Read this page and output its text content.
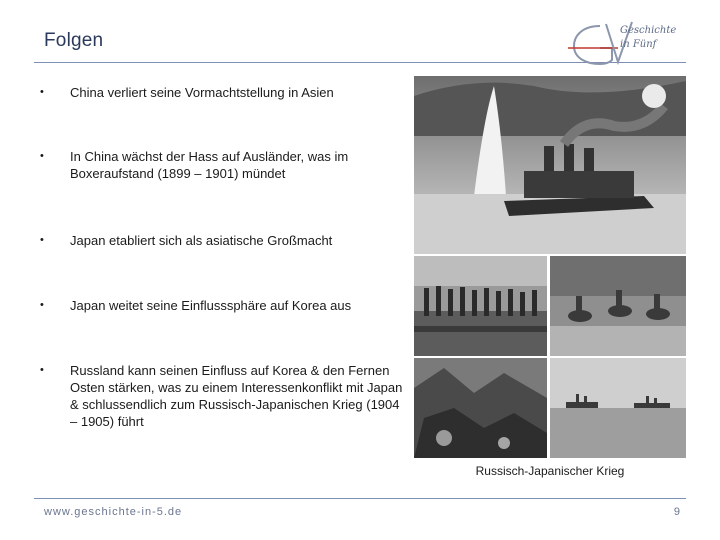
Folgen	Geschichte
in Fünf
•	China verliert seine Vormachtstellung in Asien
•	In China wächst der Hass auf Ausländer, was im Boxeraufstand (1899 – 1901) mündet
•	Japan etabliert sich als asiatische Großmacht
•	Japan weitet seine Einflusssphäre auf Korea aus
•	Russland kann seinen Einfluss auf Korea & den Fernen Osten stärken, was zu einem Interessenkonflikt mit Japan & schlussendlich zum Russisch-Japanischen Krieg (1904 – 1905) führt
Russisch-Japanischer Krieg
www.geschichte-in-5.de	9
